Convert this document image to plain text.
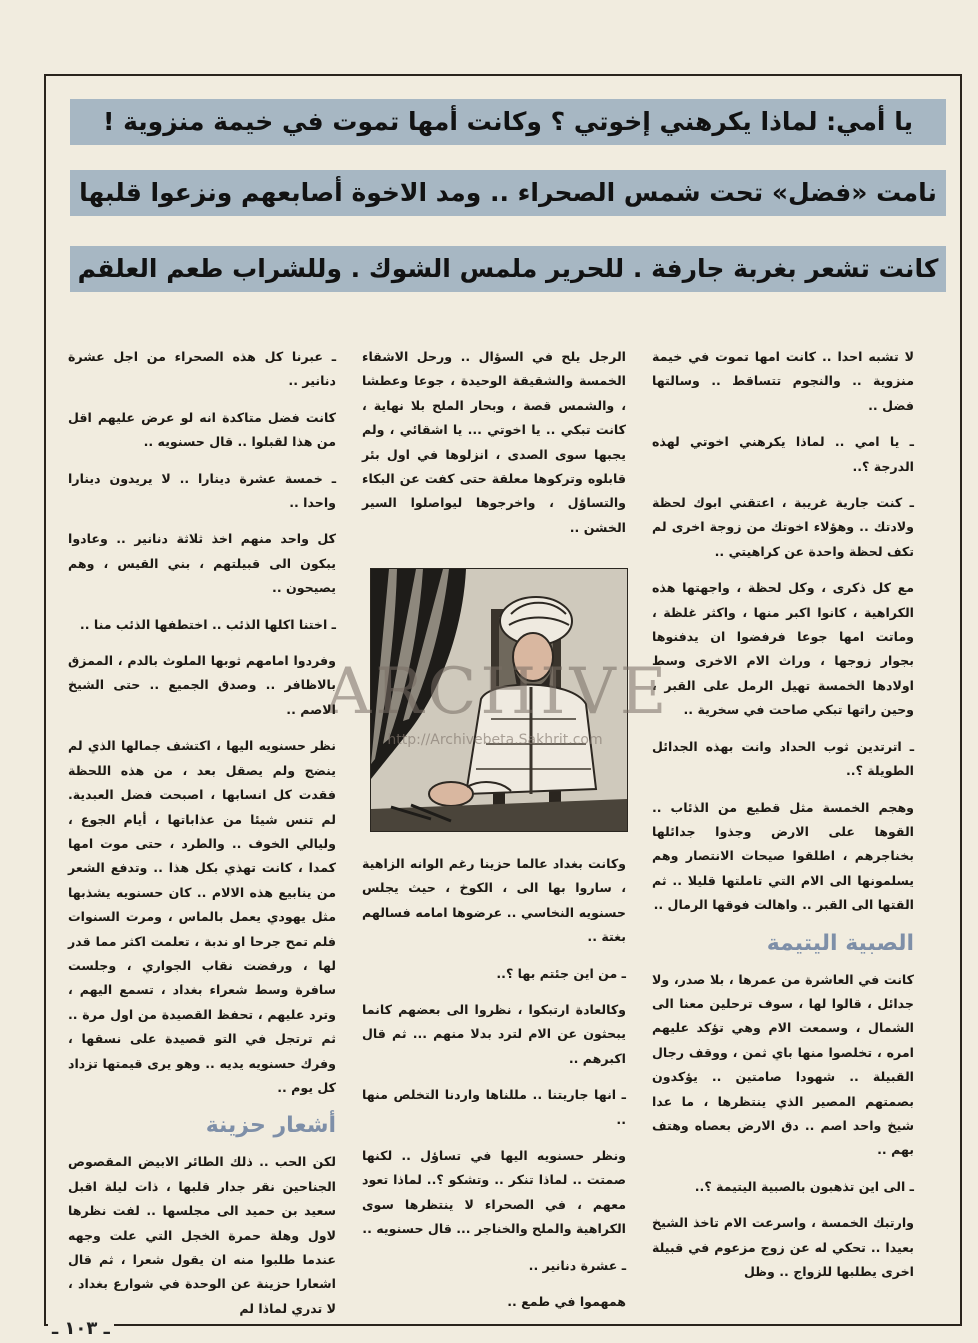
يا أمي: لماذا يكرهني إخوتي ؟ وكانت أمها تموت في خيمة منزوية !
نامت «فضل» تحت شمس الصحراء .. ومد الاخوة أصابعهم ونزعوا قلبها
كانت تشعر بغربة جارفة . للحرير ملمس الشوك . وللشراب طعم العلقم

لا تشبه احدا .. كانت امها تموت في خيمة منزوية .. والنجوم تتساقط .. وسالتها فضل ..

ـ يا امي .. لماذا يكرهني اخوتي لهذه الدرجة ؟..

ـ كنت جارية غريبة ، اعتقني ابوك لحظة ولادتك .. وهؤلاء اخوتك من زوجة اخرى لم تكف لحظة واحدة عن كراهيتي ..

مع كل ذكرى ، وكل لحظة ، واجهتها هذه الكراهية ، كانوا اكبر منها ، واكثر غلظة ، وماتت امها جوعا فرفضوا ان يدفنوها بجوار زوجها ، وراث الام الاخرى وسط اولادها الخمسة تهيل الرمل على القبر ، وحين راتها تبكي صاحت في سخرية ..

ـ اترتدين ثوب الحداد وانت بهذه الجدائل الطويلة ؟..

وهجم الخمسة مثل قطيع من الذئاب .. القوها على الارض وجذوا جدائلها بخناجرهم ، اطلقوا صيحات الانتصار وهم يسلمونها الى الام التي تاملتها قليلا .. ثم القتها الى القبر .. واهالت فوقها الرمال ..

الصبية اليتيمة

كانت في العاشرة من عمرها ، بلا صدر، ولا جدائل ، قالوا لها ، سوف ترحلين معنا الى الشمال ، وسمعت الام وهي تؤكد عليهم امره ، تخلصوا منها باي ثمن ، ووقف رجال القبيلة .. شهودا صامتين .. يؤكدون بصمتهم المصير الذي ينتظرها ، ما عدا شيخ واحد اصم .. دق الارض بعصاه وهتف بهم ..

ـ الى اين تذهبون بالصبية اليتيمة ؟..

وارتبك الخمسة ، واسرعت الام تاخذ الشيخ بعيدا .. تحكي له عن زوج مزعوم في قبيلة اخرى يطلبها للزواج .. وظل

الرجل يلح في السؤال .. ورحل الاشقاء الخمسة والشقيقة الوحيدة ، جوعا وعطشا ، والشمس قصة ، وبحار الملح بلا نهاية ، كانت تبكي .. يا اخوتي ... يا اشقائي ، ولم يجبها سوى الصدى ، انزلوها في اول بئر قابلوه وتركوها معلقة حتى كفت عن البكاء والتساؤل ، واخرجوها ليواصلوا السير الخشن ..

ARCHIVE
http://Archivebeta.Sakhrit.com

وكانت بغداد عالما حزينا رغم الوانه الزاهية ، ساروا بها الى ، الكوخ ، حيث يجلس حسنويه النخاسي .. عرضوها امامه فسالهم بغتة ..

ـ من اين جئتم بها ؟..

وكالعادة ارتبكوا ، نظروا الى بعضهم كانما يبحثون عن الام لترد بدلا منهم ... ثم قال اكبرهم ..

ـ انها جاريتنا .. مللناها واردنا التخلص منها ..

ونظر حسنويه اليها في تساؤل .. لكنها صمتت .. لماذا تنكر .. وتشكو ؟.. لماذا تعود معهم ، في الصحراء لا ينتظرها سوى الكراهية والملح والخناجر ... قال حسنويه ..

ـ عشرة دنانير ..

همهموا في طمع ..

ـ عبرنا كل هذه الصحراء من اجل عشرة دنانير ..

كانت فضل متاكدة انه لو عرض عليهم اقل من هذا لقبلوا .. قال حسنويه ..

ـ خمسة عشرة دينارا .. لا يريدون دينارا واحدا ..

كل واحد منهم اخذ ثلاثة دنانير .. وعادوا يبكون الى قبيلتهم ، بني القيس ، وهم يصيحون ..

ـ اختنا اكلها الذئب .. اختطفها الذئب منا ..

وفردوا امامهم ثوبها الملوث بالدم ، الممزق بالاظافر .. وصدق الجميع .. حتى الشيخ الاصم ..

نظر حسنويه اليها ، اكتشف جمالها الذي لم ينضج ولم يصقل بعد ، من هذه اللحظة فقدت كل انسابها ، اصبحت فضل العبدية. لم تنس شيئا من عذاباتها ، أيام الجوع ، وليالي الخوف .. والطرد ، حتى موت امها كمدا ، كانت تهذي بكل هذا .. وتدفع الشعر من ينابيع هذه الالام .. كان حسنويه يشذبها مثل يهودي يعمل بالماس ، ومرت السنوات فلم تمح جرحا او ندبة ، تعلمت اكثر مما قدر لها ، ورفضت نقاب الجواري ، وجلست سافرة وسط شعراء بغداد ، تسمع اليهم ، وترد عليهم ، تحفظ القصيدة من اول مرة .. ثم ترتجل في التو قصيدة على نسقها ، وفرك حسنويه يديه .. وهو يرى قيمتها تزداد كل يوم ..

أشعار حزينة

لكن الحب .. ذلك الطائر الابيض المقصوص الجناحين نقر جدار قلبها ، ذات ليلة اقبل سعيد بن حميد الى مجلسها .. لفت نظرها لاول وهلة حمرة الخجل التي علت وجهه عندما طلبوا منه ان يقول شعرا ، ثم قال اشعارا حزينة عن الوحدة في شوارع بغداد ، لا تدري لماذا لم

ـ ١٠٣ ـ
